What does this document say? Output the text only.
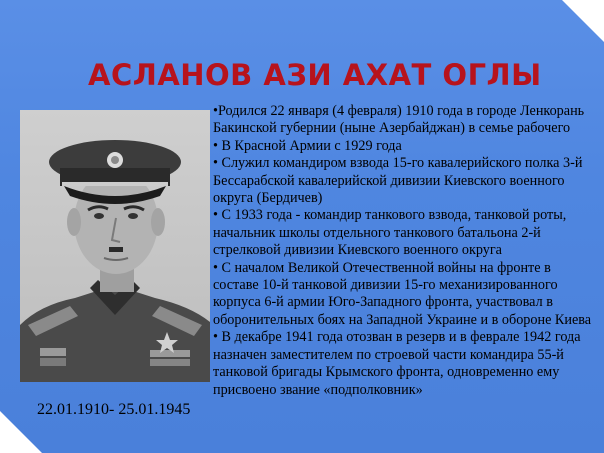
АСЛАНОВ АЗИ АХАТ ОГЛЫ
22.01.1910- 25.01.1945

•Родился 22 января (4 февраля) 1910 года в городе Ленкорань Бакинской губернии (ныне Азербайджан) в семье рабочего

• В Красной Армии с 1929 года

• Служил командиром взвода 15-го кавалерийского полка 3-й Бессарабской кавалерийской дивизии Киевского военного округа (Бердичев)

• С 1933 года - командир танкового взвода, танковой роты, начальник школы отдельного танкового батальона 2-й стрелковой дивизии Киевского военного округа

• С началом Великой Отечественной войны на фронте в составе 10-й танковой дивизии 15-го механизированного корпуса 6-й армии Юго-Западного фронта, участвовал в оборонительных боях на Западной Украине и в обороне Киева

• В декабре 1941 года отозван в резерв и в феврале 1942 года назначен заместителем по строевой части командира 55-й танковой бригады Крымского фронта, одновременно ему присвоено звание «подполковник»
